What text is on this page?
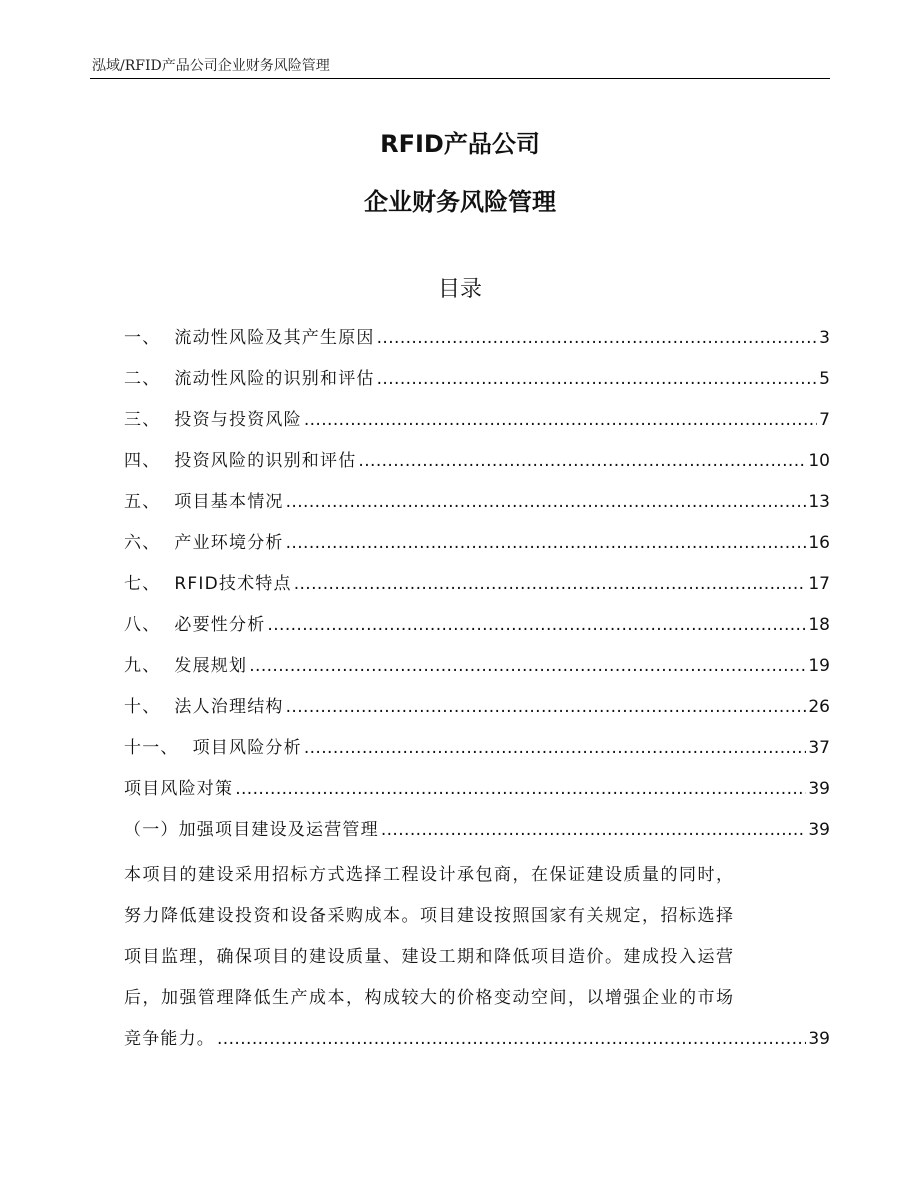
泓域/RFID产品公司企业财务风险管理
RFID产品公司
企业财务风险管理
目录
一、 流动性风险及其产生原因 .....	3
二、 流动性风险的识别和评估 .....	5
三、 投资与投资风险 .....	7
四、 投资风险的识别和评估 .....	10
五、 项目基本情况 .....	13
六、 产业环境分析 .....	16
七、 RFID技术特点 .....	17
八、 必要性分析 .....	18
九、 发展规划 .....	19
十、 法人治理结构 .....	26
十一、 项目风险分析 .....	37
项目风险对策 .....	39
（一）加强项目建设及运营管理 .....	39
本项目的建设采用招标方式选择工程设计承包商，在保证建设质量的同时，
努力降低建设投资和设备采购成本。项目建设按照国家有关规定，招标选择
项目监理，确保项目的建设质量、建设工期和降低项目造价。建成投入运营
后，加强管理降低生产成本，构成较大的价格变动空间，以增强企业的市场
竞争能力。 .....	39
